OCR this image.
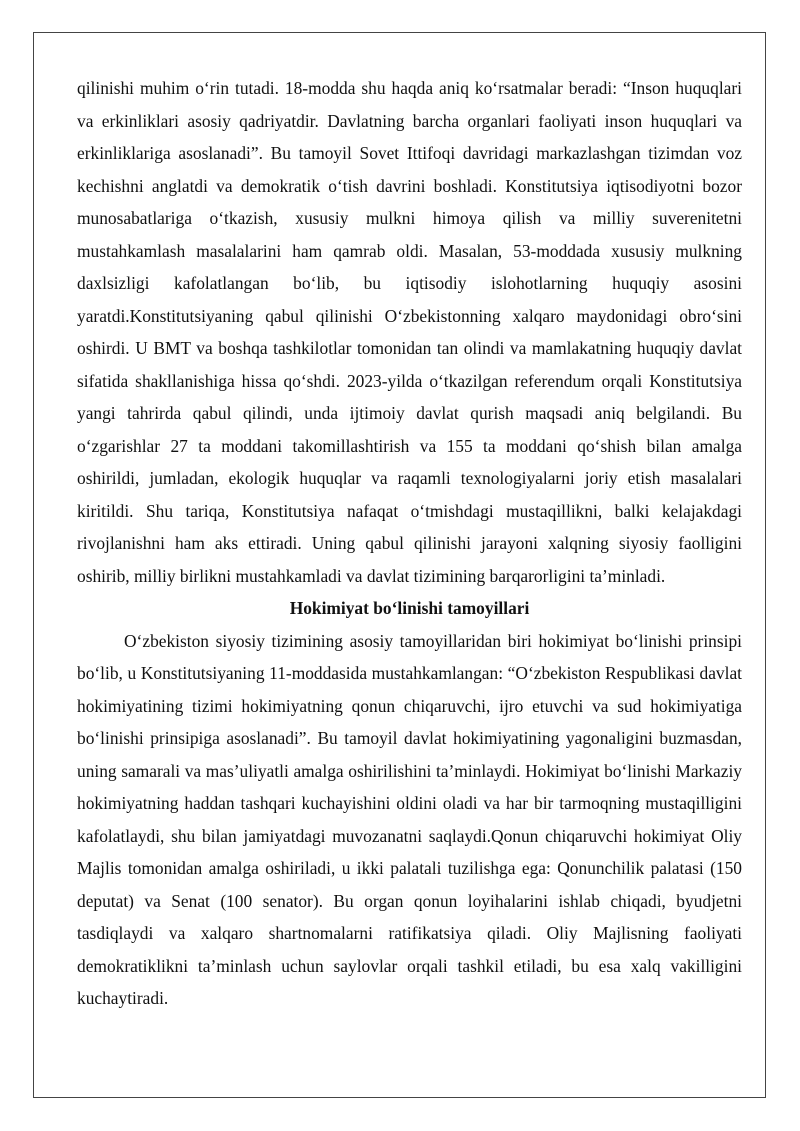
qilinishi muhim o‘rin tutadi. 18-modda shu haqda aniq ko‘rsatmalar beradi: “Inson huquqlari va erkinliklari asosiy qadriyatdir. Davlatning barcha organlari faoliyati inson huquqlari va erkinliklariga asoslanadi”. Bu tamoyil Sovet Ittifoqi davridagi markazlashgan tizimdan voz kechishni anglatdi va demokratik o‘tish davrini boshladi. Konstitutsiya iqtisodiyotni bozor munosabatlariga o‘tkazish, xususiy mulkni himoya qilish va milliy suverenitetni mustahkamlash masalalarini ham qamrab oldi. Masalan, 53-moddada xususiy mulkning daxlsizligi kafolatlangan bo‘lib, bu iqtisodiy islohotlarning huquqiy asosini yaratdi.Konstitutsiyaning qabul qilinishi O‘zbekistonning xalqaro maydonidagi obro‘sini oshirdi. U BMT va boshqa tashkilotlar tomonidan tan olindi va mamlakatning huquqiy davlat sifatida shakllanishiga hissa qo‘shdi. 2023-yilda o‘tkazilgan referendum orqali Konstitutsiya yangi tahrirda qabul qilindi, unda ijtimoiy davlat qurish maqsadi aniq belgilandi. Bu o‘zgarishlar 27 ta moddani takomillashtirish va 155 ta moddani qo‘shish bilan amalga oshirildi, jumladan, ekologik huquqlar va raqamli texnologiyalarni joriy etish masalalari kiritildi. Shu tariqa, Konstitutsiya nafaqat o‘tmishdagi mustaqillikni, balki kelajakdagi rivojlanishni ham aks ettiradi. Uning qabul qilinishi jarayoni xalqning siyosiy faolligini oshirib, milliy birlikni mustahkamladi va davlat tizimining barqarorligini ta’minladi.

Hokimiyat bo‘linishi tamoyillari

O‘zbekiston siyosiy tizimining asosiy tamoyillaridan biri hokimiyat bo‘linishi prinsipi bo‘lib, u Konstitutsiyaning 11-moddasida mustahkamlangan: “O‘zbekiston Respublikasi davlat hokimiyatining tizimi hokimiyatning qonun chiqaruvchi, ijro etuvchi va sud hokimiyatiga bo‘linishi prinsipiga asoslanadi”. Bu tamoyil davlat hokimiyatining yagonaligini buzmasdan, uning samarali va mas’uliyatli amalga oshirilishini ta’minlaydi. Hokimiyat bo‘linishi Markaziy hokimiyatning haddan tashqari kuchayishini oldini oladi va har bir tarmoqning mustaqilligini kafolatlaydi, shu bilan jamiyatdagi muvozanatni saqlaydi.Qonun chiqaruvchi hokimiyat Oliy Majlis tomonidan amalga oshiriladi, u ikki palatali tuzilishga ega: Qonunchilik palatasi (150 deputat) va Senat (100 senator). Bu organ qonun loyihalarini ishlab chiqadi, byudjetni tasdiqlaydi va xalqaro shartnomalarni ratifikatsiya qiladi. Oliy Majlisning faoliyati demokratiklikni ta’minlash uchun saylovlar orqali tashkil etiladi, bu esa xalq vakilligini kuchaytiradi.
